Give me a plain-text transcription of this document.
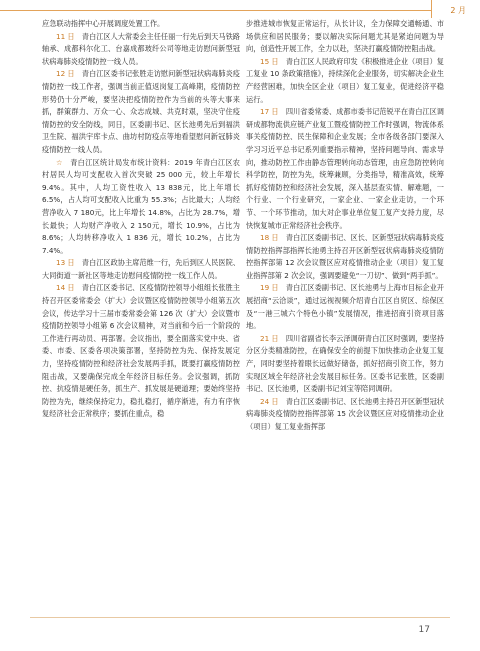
2 月

应急联动指挥中心开展调度处置工作。

11 日　 青白江区人大常委会主任任丽一行先后到天马铁路轴承、成都科尔化工、台嘉成都玻纤公司等地走访慰问新型冠状病毒肺炎疫情防控一线人员。

12 日　 青白江区委书记张胜走访慰问新型冠状病毒肺炎疫情防控一线工作者，强调当前正值返岗复工高峰期，疫情防控形势仍十分严峻，要坚决把疫情防控作为当前的头等大事来抓，群策群力、万众一心、众志成城、共克时艰，坚决守住疫情防控的安全防线，同日，区委副书记、区长池勇先后到福洪卫生院、福洪宇库卡点、曲坊村防疫点等地看望慰问新冠肺炎疫情防控一线人员。

☆　 青白江区统计局发布统计资料：2019 年青白江区农村居民人均可支配收入首次突破 25 000 元，较上年增长 9.4%。其中，人均工资性收入 13 838元，比上年增长 6.5%，占人均可支配收入比重为 55.3%；占比最大；人均经营净收入 7 180元，比上年增长 14.8%，占比为 28.7%，增长最快；人均财产净收入 2 150元，增长 10.9%，占比为 8.6%；人均转移净收入 1 836 元，增长 10.2%，占比为 7.4%。

13 日　 青白江区政协主席范维一行，先后到区人民医院、大同街道一新社区等地走访慰问疫情防控一线工作人员。

14 日　 青白江区委书记、区疫情防控领导小组组长张胜主持召开区委常委会（扩大）会议暨区疫情防控领导小组第五次会议，传达学习十三届市委常委会第 126 次（扩大）会议暨市疫情防控领导小组第 6 次会议精神，对当前和今后一个阶段的工作进行再动员、再部署。会议指出，要全面落实党中央、省委、市委、区委各项决策部署，坚持防控为先、保持发展定力，坚持疫情防控和经济社会发展两手抓，既要打赢疫情防控阻击战，又要确保完成全年经济目标任务。会议强调，抓防控、抗疫情是硬任务，抓生产、抓发展是硬道理；要始终坚持防控为先，继续保持定力，稳扎稳打，循序渐进，有力有序恢复经济社会正常秩序；要抓住重点，稳

步推进城市恢复正常运行，从长计议，全力保障交通畅通、市场供应和居民服务；要以解决实际问题尤其是紧迫问题为导向，创造性开展工作，全力以赴，坚决打赢疫情防控阻击战。

15 日　 青白江区人民政府印发《积极推进企业（项目）复工复业 10 条政策措施》，持续深化企业服务，切实解决企业生产经营困难，加快全区企业（项目）复工复业，促进经济平稳运行。

17 日　 四川省委常委、成都市委书记范锐平在青白江区调研成都物流供应链产业复工暨疫情防控工作时强调，物流体系事关疫情防控、民生保障和企业发展；全市各级各部门要深入学习习近平总书记系列重要指示精神，坚持问题导向、需求导向，推动防控工作由静态管理转向动态管理，由应急防控转向科学防控，防控为先，统筹兼顾，分类指导，精准高效，统筹抓好疫情防控和经济社会发展，深入基层查实情、解难题，一个行业、一个行业研究，一家企业、一家企业走访，一个环节、一个环节推动，加大对企事业单位复工复产支持力度，尽快恢复城市正常经济社会秩序。

18 日　 青白江区委副书记、区长、区新型冠状病毒肺炎疫情防控指挥部指挥长池勇主持召开区新型冠状病毒肺炎疫情防控指挥部第 12 次会议暨区应对疫情推动企业（项目）复工复业指挥部第 2 次会议，强调要避免“一刀切”、做到“两手抓”。

19 日　 青白江区委副书记、区长池勇与上海市目标企业开展招商“云洽谈”，通过远视视频介绍青白江区自贸区、综保区及“一港三城六个特色小镇”发展情况，推进招商引资项目落地。

21 日　 四川省副省长李云泽调研青白江区时强调，要坚持分区分类精准防控，在确保安全的前提下加快推动企业复工复产，同时要坚持着眼长远做好储备，抓好招商引资工作，努力实现区域全年经济社会发展目标任务。区委书记张胜，区委副书记、区长池勇，区委副书记刘宝等陪同调研。

24 日　 青白江区委副书记、区长池勇主持召开区新型冠状病毒肺炎疫情防控指挥部第 15 次会议暨区应对疫情推动企业（项目）复工复业指挥部

17
